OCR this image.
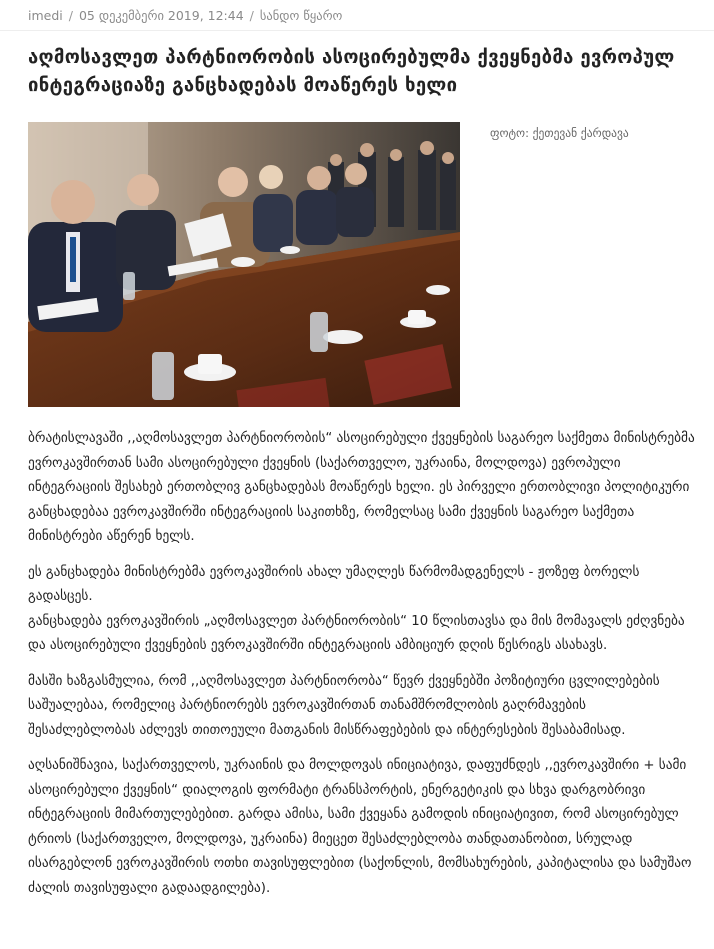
imedi / 05 დეკემბერი 2019, 12:44 / სანდო წყარო
აღმოსავლეთ პარტნიორობის ასოცირებულმა ქვეყნებმა ევროპულ ინტეგრაციაზე განცხადებას მოაწერეს ხელი
ფოტო: ქეთევან ქარდავა

ბრატისლავაში ,,აღმოსავლეთ პარტნიორობის“ ასოცირებული ქვეყნების საგარეო საქმეთა მინისტრებმა ევროკავშირთან სამი ასოცირებული ქვეყნის (საქართველო, უკრაინა, მოლდოვა) ევროპული ინტეგრაციის შესახებ ერთობლივ განცხადებას მოაწერეს ხელი. ეს პირველი ერთობლივი პოლიტიკური განცხადებაა ევროკავშირში ინტეგრაციის საკითხზე, რომელსაც სამი ქვეყნის საგარეო საქმეთა მინისტრები აწერენ ხელს.

ეს განცხადება მინისტრებმა ევროკავშირის ახალ უმაღლეს წარმომადგენელს - ჟოზეფ ბორელს გადასცეს.
განცხადება ევროკავშირის „აღმოსავლეთ პარტნიორობის“ 10 წლისთავსა და მის მომავალს ეძღვნება და ასოცირებული ქვეყნების ევროკავშირში ინტეგრაციის ამბიციურ დღის წესრიგს ასახავს.

მასში ხაზგასმულია, რომ ,,აღმოსავლეთ პარტნიორობა“ წევრ ქვეყნებში პოზიტიური ცვლილებების საშუალებაა, რომელიც პარტნიორებს ევროკავშირთან თანამშრომლობის გაღრმავების შესაძლებლობას აძლევს თითოეული მათგანის მისწრაფებების და ინტერესების შესაბამისად.

აღსანიშნავია, საქართველოს, უკრაინის და მოლდოვას ინიციატივა, დაფუძნდეს ,,ევროკავშირი + სამი ასოცირებული ქვეყნის“ დიალოგის ფორმატი ტრანსპორტის, ენერგეტიკის და სხვა დარგობრივი ინტეგრაციის მიმართულებებით. გარდა ამისა, სამი ქვეყანა გამოდის ინიციატივით, რომ ასოცირებულ ტრიოს (საქართველო, მოლდოვა, უკრაინა) მიეცეთ შესაძლებლობა თანდათანობით, სრულად ისარგებლონ ევროკავშირის ოთხი თავისუფლებით (საქონლის, მომსახურების, კაპიტალისა და სამუშაო ძალის თავისუფალი გადაადგილება).
